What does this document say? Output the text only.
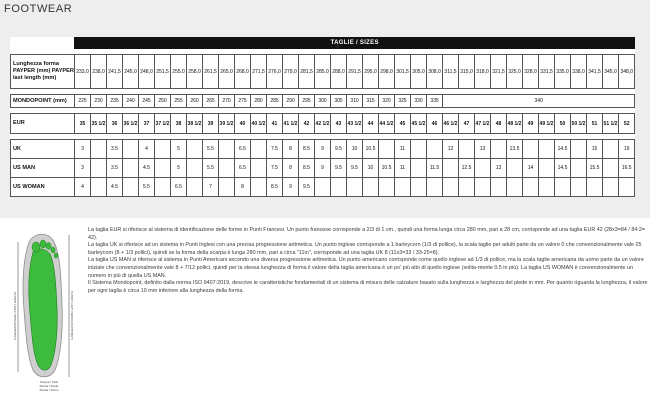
FOOTWEAR
	TAGLIE / SIZES																																		

Lunghezza forma PAYPER (mm) PAYPER last length (mm)	233,0	238,0	241,5	245,0	248,0	251,5	255,0	258,0	261,5	265,0	268,0	271,5	276,0	279,0	281,5	285,0	288,0	291,5	295,0	298,0	301,5	305,0	308,0	311,5	315,0	318,0	321,5	325,0	328,0	331,5	335,0	338,0	341,5	345,0	348,0

MONDOPOINT (mm)	225	230	235	240	245	250	255	260	265	270	275	280	285	290	295	300	305	310	315	320	325	330	335	340											

EUR	35	35 1/2	36	36 1/2	37	37 1/2	38	38 1/2	39	39 1/2	40	40 1/2	41	41 1/2	42	42 1/2	43	43 1/2	44	44 1/2	45	45 1/2	46	46 1/2	47	47 1/2	48	48 1/2	49	49 1/2	50	50 1/2	51	51 1/2	52

UK	3		3.5		4		5		5.5		6.5		7.5	8	8.5	9	9.5	10	10.5		11			12		13		13.5			14.5		15		16
US MAN	3		3.5		4.5		5		5.5		6.5		7.5	8	8.5	9	9.5	9.5	10	10.5	11		11.5		12.5		13		14		14.5		15.5		16.5
US WOMAN	4		4.5		5.5		6.5		7		8		8.5	9	9.5																				
LUNGHEZZA PIEDE / FOOT LENGTH	LUNGHEZZA FORMA / LAST LENGTH
Scarpa / Tallo
Pianta / Piede
Pianta / Tacco

La taglia EUR si riferisce al sistema di identificazione delle forme in Punti Francesi. Un punto francese corrisponde a 2/3 di 1 cm., quindi una forma lunga circa 280 mm, pari a 28 cm, corrisponde ad una taglia EUR 42 (28x3=84 / 84:2= 42).

La taglia UK si riferisce ad un sistema in Punti Inglesi con una precisa progressione aritmetica. Un punto inglese corrisponde a 1 barleycorn (1/3 di pollice), la scala taglie per adulti parte da un valore 0 che convenzionalmente vale 25 barleycorn (8 + 1/3 pollici), quindi se la forma della scarpa è lunga 280 mm, pari a circa "11in", corrisponde ad una taglia UK 8 (11x3=33 / 33-25=8).

La taglia US MAN si riferisce al sistema in Punti Americani secondo una diversa progressione aritmetica. Un punto americano corrisponde come quello inglese ad 1/3 di pollice, ma la scala taglie americana da uomo parte da un valore iniziale che convenzionalmente vale 8 + 7/12 pollici, quindi per la stessa lunghezza di forma il valore della taglia americana è un po' più alto di quello inglese (solita-mente 0.5 in più). La taglia US WOMAN è convenzionalmente un numero in più di quella US MAN.

Il Sistema Mondopoint, definito dalla norma ISO 9407:2019, descrive le caratteristiche fondamentali di un sistema di misura delle calzature basato sulla lunghezza e larghezza del piede in mm. Per quanto riguarda la lunghezza, il valore per ogni taglia è circa 10 mm inferiore alla lunghezza della forma.
